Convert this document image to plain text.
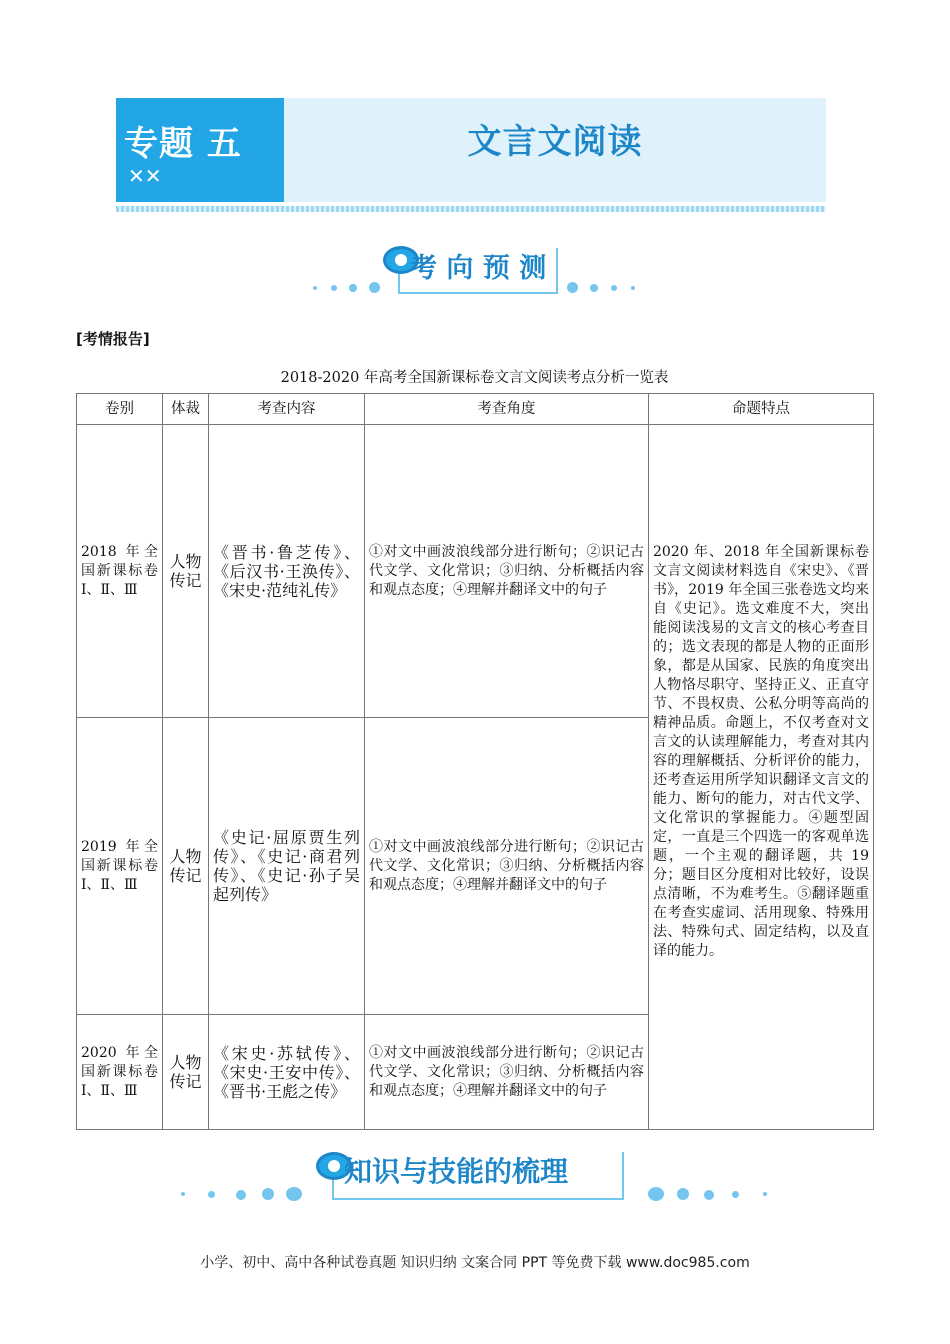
专题 五
✕✕
文言文阅读
考 向 预 测
[考情报告]
2018-2020 年高考全国新课标卷文言文阅读考点分析一览表
卷别	体裁	考查内容	考查角度	命题特点
2018 年全国新课标卷Ⅰ、Ⅱ、Ⅲ	人物传记	《晋书·鲁芝传》、《后汉书·王涣传》、《宋史·范纯礼传》	①对文中画波浪线部分进行断句；②识记古代文学、文化常识；③归纳、分析概括内容和观点态度；④理解并翻译文中的句子	2020 年、2018 年全国新课标卷文言文阅读材料选自《宋史》、《晋书》，2019 年全国三张卷选文均来自《史记》。选文难度不大，突出能阅读浅易的文言文的核心考查目的；选文表现的都是人物的正面形象，都是从国家、民族的角度突出人物恪尽职守、坚持正义、正直守节、不畏权贵、公私分明等高尚的精神品质。命题上，不仅考查对文言文的认读理解能力，考查对其内容的理解概括、分析评价的能力，还考查运用所学知识翻译文言文的能力、断句的能力，对古代文学、文化常识的掌握能力。④题型固定，一直是三个四选一的客观单选题，一个主观的翻译题，共 19 分；题目区分度相对比较好，设误点清晰，不为难考生。⑤翻译题重在考查实虚词、活用现象、特殊用法、特殊句式、固定结构，以及直译的能力。

2019 年全国新课标卷Ⅰ、Ⅱ、Ⅲ	人物传记	《史记·屈原贾生列传》、《史记·商君列传》、《史记·孙子吴起列传》	①对文中画波浪线部分进行断句；②识记古代文学、文化常识；③归纳、分析概括内容和观点态度；④理解并翻译文中的句子	
2020 年全国新课标卷Ⅰ、Ⅱ、Ⅲ	人物传记	《宋史·苏轼传》、《宋史·王安中传》、《晋书·王彪之传》	①对文中画波浪线部分进行断句；②识记古代文学、文化常识；③归纳、分析概括内容和观点态度；④理解并翻译文中的句子	
知识与技能的梳理
小学、初中、高中各种试卷真题 知识归纳 文案合同 PPT 等免费下载 www.doc985.com
